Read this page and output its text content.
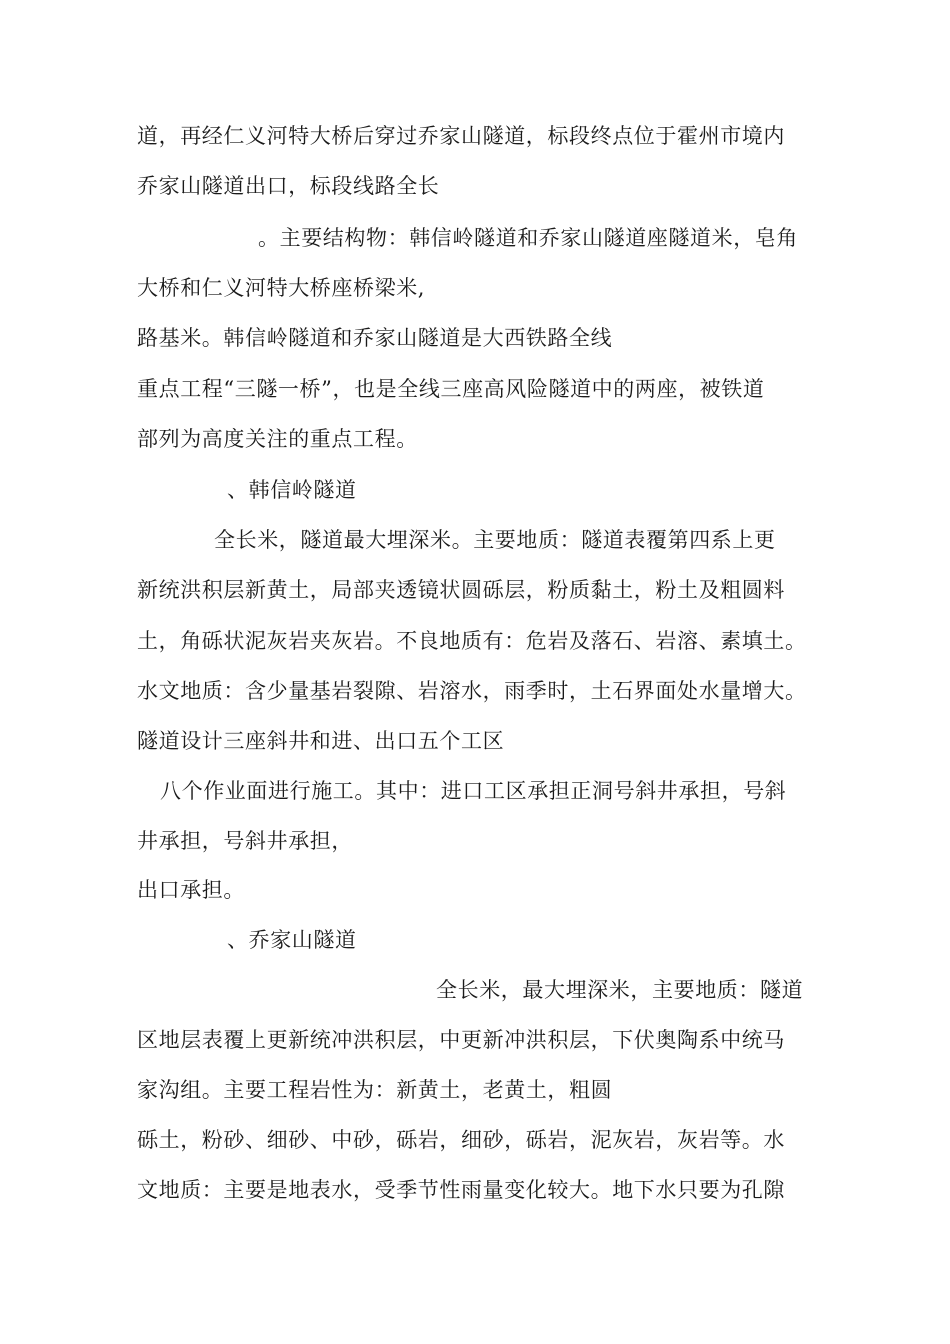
道，再经仁义河特大桥后穿过乔家山隧道，标段终点位于霍州市境内
乔家山隧道出口，标段线路全长
。主要结构物：韩信岭隧道和乔家山隧道座隧道米，皂角
大桥和仁义河特大桥座桥梁米,
路基米。韩信岭隧道和乔家山隧道是大西铁路全线
重点工程“三隧一桥”，也是全线三座高风险隧道中的两座，被铁道
部列为高度关注的重点工程。
、韩信岭隧道
全长米，隧道最大埋深米。主要地质：隧道表覆第四系上更
新统洪积层新黄土，局部夹透镜状圆砾层，粉质黏土，粉土及粗圆料
土，角砾状泥灰岩夹灰岩。不良地质有：危岩及落石、岩溶、素填土。
水文地质：含少量基岩裂隙、岩溶水，雨季时，土石界面处水量增大。
隧道设计三座斜井和进、出口五个工区
八个作业面进行施工。其中：进口工区承担正洞号斜井承担，号斜
井承担，号斜井承担，
出口承担。
、乔家山隧道
全长米，最大埋深米，主要地质：隧道
区地层表覆上更新统冲洪积层，中更新冲洪积层，下伏奥陶系中统马
家沟组。主要工程岩性为：新黄土，老黄土，粗圆
砾土，粉砂、细砂、中砂，砾岩，细砂，砾岩，泥灰岩，灰岩等。水
文地质：主要是地表水，受季节性雨量变化较大。地下水只要为孔隙
